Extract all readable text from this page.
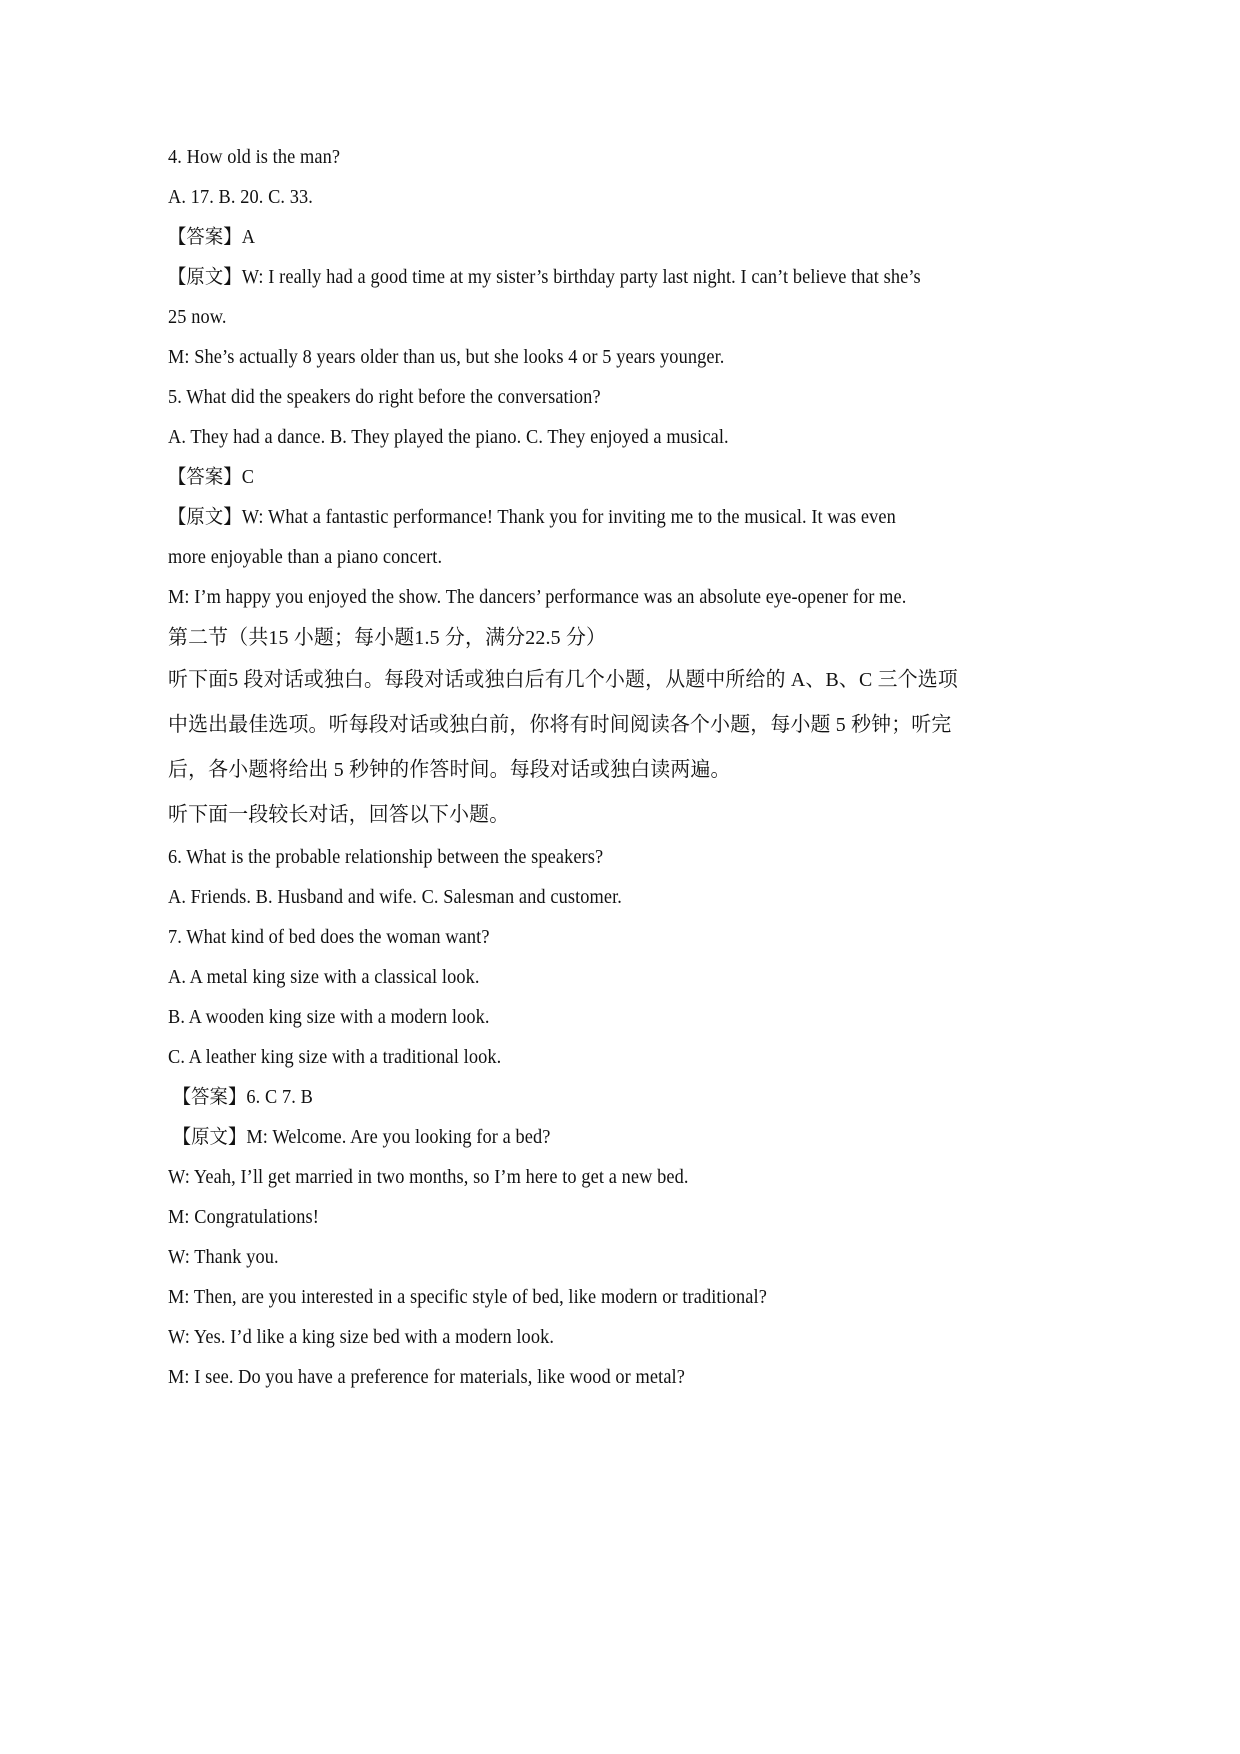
4. How old is the man?

A. 17. B. 20. C. 33.

【答案】A

【原文】W: I really had a good time at my sister’s birthday party last night. I can’t believe that she’s

25 now.

M: She’s actually 8 years older than us, but she looks 4 or 5 years younger.

5. What did the speakers do right before the conversation?

A. They had a dance. B. They played the piano. C. They enjoyed a musical.

【答案】C

【原文】W: What a fantastic performance! Thank you for inviting me to the musical. It was even

more enjoyable than a piano concert.

M: I’m happy you enjoyed the show. The dancers’ performance was an absolute eye-opener for me.

第二节（共15 小题；每小题1.5 分，满分22.5 分）

听下面5 段对话或独白。每段对话或独白后有几个小题，从题中所给的 A、B、C 三个选项

中选出最佳选项。听每段对话或独白前，你将有时间阅读各个小题，每小题 5 秒钟；听完

后，各小题将给出 5 秒钟的作答时间。每段对话或独白读两遍。

听下面一段较长对话，回答以下小题。

6. What is the probable relationship between the speakers?

A. Friends. B. Husband and wife. C. Salesman and customer.

7. What kind of bed does the woman want?

A. A metal king size with a classical look.

B. A wooden king size with a modern look.

C. A leather king size with a traditional look.

【答案】6. C 7. B

【原文】M: Welcome. Are you looking for a bed?

W: Yeah, I’ll get married in two months, so I’m here to get a new bed.

M: Congratulations!

W: Thank you.

M: Then, are you interested in a specific style of bed, like modern or traditional?

W: Yes. I’d like a king size bed with a modern look.

M: I see. Do you have a preference for materials, like wood or metal?
